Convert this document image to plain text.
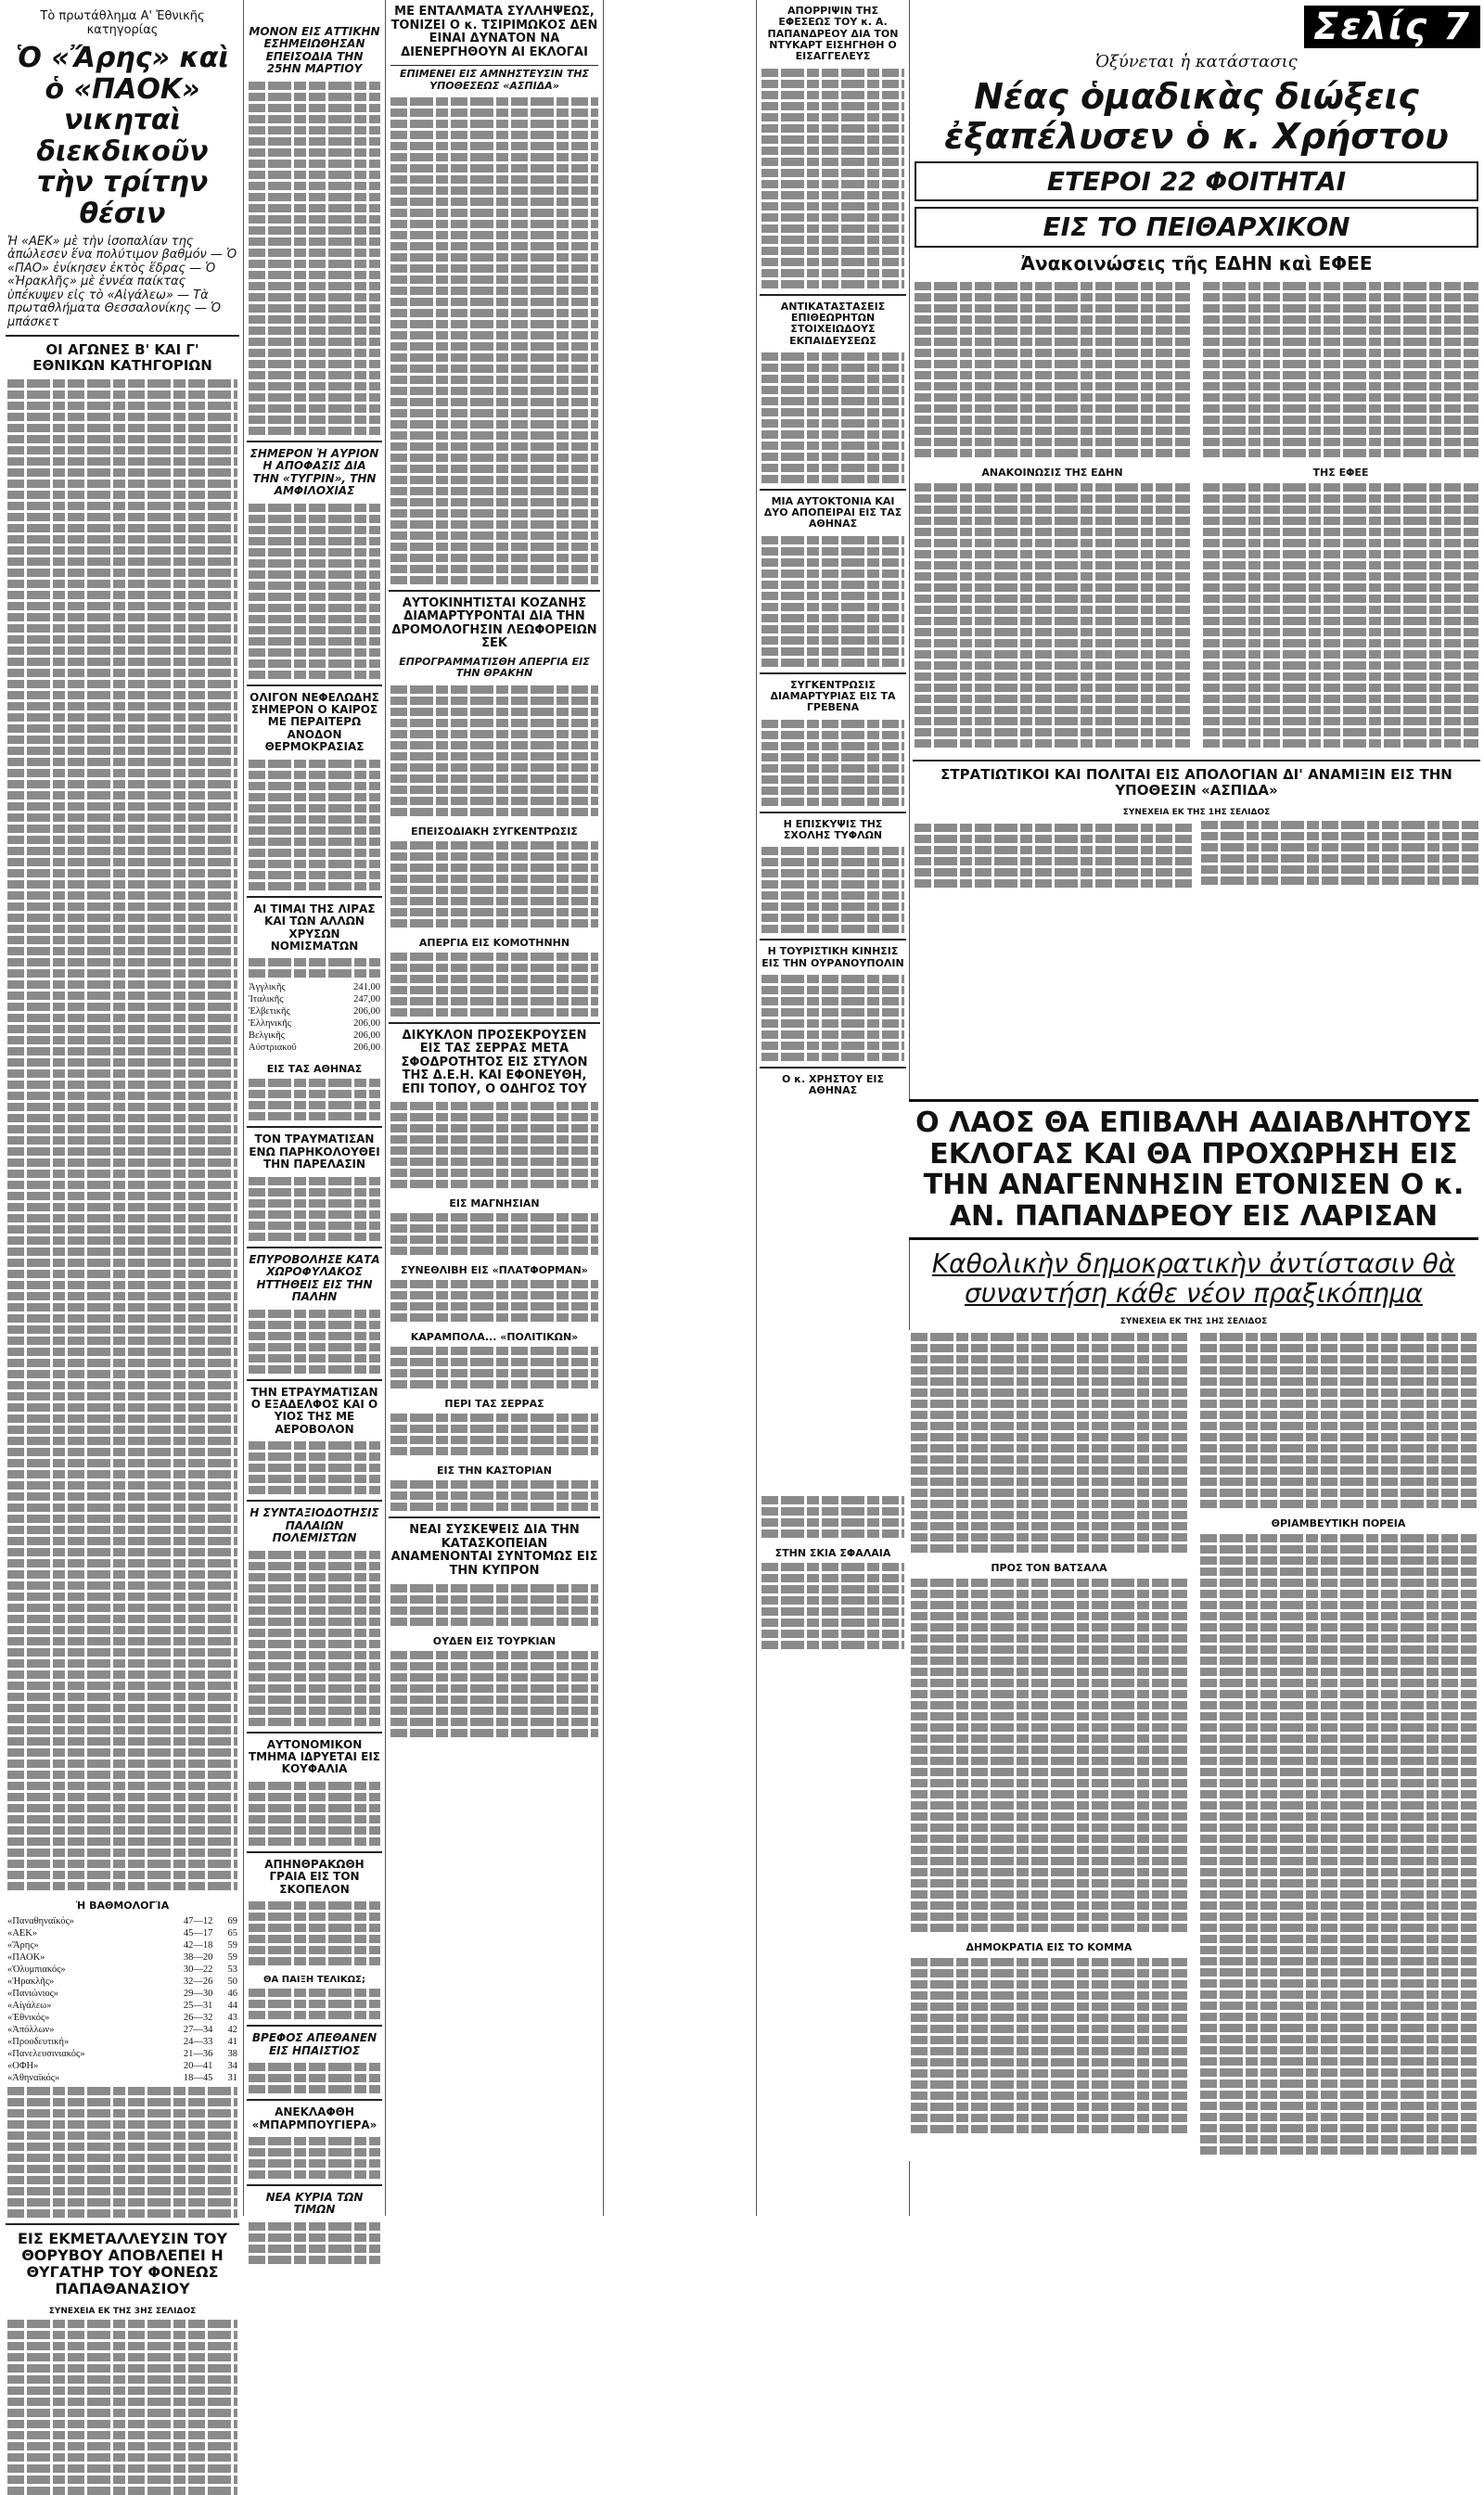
Τὸ πρωτάθλημα Α' Ἐθνικῆς κατηγορίας
Ὁ «Ἄρης» καὶ ὁ «ΠΑΟΚ» νικηταὶ διεκδικοῦν τὴν τρίτην θέσιν
Ἡ «ΑΕΚ» μὲ τὴν ἰσοπαλίαν της ἀπώλεσεν ἕνα πολύτιμον βαθμόν — Ὁ «ΠΑΟ» ἐνίκησεν ἐκτὸς ἕδρας — Ὁ «Ἡρακλῆς» μὲ ἐννέα παίκτας ὑπέκυψεν εἰς τὸ «Αἰγάλεω» — Τὰ πρωταθλήματα Θεσσαλονίκης — Ὁ μπάσκετ
ΟΙ ΑΓΩΝΕΣ Β' ΚΑΙ Γ' ΕΘΝΙΚΩΝ ΚΑΤΗΓΟΡΙΩΝ
Ἡ ΒΑΘΜΟΛΟΓΊΑ
«Παναθηναϊκός»	47—12	69
«ΑΕΚ»	45—17	65
«Ἄρης»	42—18	59
«ΠΑΟΚ»	38—20	59
«Ὀλυμπιακός»	30—22	53
«Ἡρακλῆς»	32—26	50
«Πανιώνιος»	29—30	46
«Αἰγάλεω»	25—31	44
«Ἐθνικός»	26—32	43
«Ἀπόλλων»	27—34	42
«Προοδευτική»	24—33	41
«Πανελευσινιακός»	21—36	38
«ΟΦΗ»	20—41	34
«Ἀθηναϊκός»	18—45	31
ΕΙΣ ΕΚΜΕΤΑΛΛΕΥΣΙΝ ΤΟΥ ΘΟΡΥΒΟΥ ΑΠΟΒΛΕΠΕΙ Η ΘΥΓΑΤΗΡ ΤΟΥ ΦΟΝΕΩΣ ΠΑΠΑΘΑΝΑΣΙΟΥ
ΣΥΝΕΧΕΙΑ ΕΚ ΤΗΣ 3ΗΣ ΣΕΛΙΔΟΣ
ΜΟΝΟΝ ΕΙΣ ΑΤΤΙΚΗΝ ΕΣΗΜΕΙΩΘΗΣΑΝ ΕΠΕΙΣΟΔΙΑ ΤΗΝ 25ΗΝ ΜΑΡΤΙΟΥ
ΣΗΜΕΡΟΝ Ἡ ΑΥΡΙΟΝ Η ΑΠΟΦΑΣΙΣ ΔΙΑ ΤΗΝ «ΤΥΓΡΙΝ», ΤΗΝ ΑΜΦΙΛΟΧΙΑΣ
ΟΛΙΓΟΝ ΝΕΦΕΛΩΔΗΣ ΣΗΜΕΡΟΝ Ο ΚΑΙΡΟΣ ΜΕ ΠΕΡΑΙΤΕΡΩ ΑΝΟΔΟΝ ΘΕΡΜΟΚΡΑΣΙΑΣ
ΑΙ ΤΙΜΑΙ ΤΗΣ ΛΙΡΑΣ ΚΑΙ ΤΩΝ ΑΛΛΩΝ ΧΡΥΣΩΝ ΝΟΜΙΣΜΑΤΩΝ
Ἀγγλικῆς	241,00
Ἰταλικῆς	247,00
Ἐλβετικῆς	206,00
Ἑλληνικῆς	206,00
Βελγικῆς	206,00
Αὐστριακοῦ	206,00
ΕΙΣ ΤΑΣ ΑΘΗΝΑΣ
ΤΟΝ ΤΡΑΥΜΑΤΙΣΑΝ ΕΝΩ ΠΑΡΗΚΟΛΟΥΘΕΙ ΤΗΝ ΠΑΡΕΛΑΣΙΝ
ΕΠΥΡΟΒΟΛΗΣΕ ΚΑΤΑ ΧΩΡΟΦΥΛΑΚΟΣ ΗΤΤΗΘΕΙΣ ΕΙΣ ΤΗΝ ΠΑΛΗΝ
ΤΗΝ ΕΤΡΑΥΜΑΤΙΣΑΝ Ο ΕΞΑΔΕΛΦΟΣ ΚΑΙ Ο ΥΙΟΣ ΤΗΣ ΜΕ ΑΕΡΟΒΟΛΟΝ
Η ΣΥΝΤΑΞΙΟΔΟΤΗΣΙΣ ΠΑΛΑΙΩΝ ΠΟΛΕΜΙΣΤΩΝ
ΑΥΤΟΝΟΜΙΚΟΝ ΤΜΗΜΑ ΙΔΡΥΕΤΑΙ ΕΙΣ ΚΟΥΦΑΛΙΑ
ΑΠΗΝΘΡΑΚΩΘΗ ΓΡΑΙΑ ΕΙΣ ΤΟΝ ΣΚΟΠΕΛΟΝ
ΘΑ ΠΑΙΞΗ ΤΕΛΙΚΩΣ;
ΒΡΕΦΟΣ ΑΠΕΘΑΝΕΝ ΕΙΣ ΗΠΑΙΣΤΙΟΣ
ΑΝΕΚΛΑΦΘΗ «ΜΠΑΡΜΠΟΥΓΙΕΡΑ»
ΝΕΑ ΚΥΡΙΑ ΤΩΝ ΤΙΜΩΝ
ΜΕ ΕΝΤΑΛΜΑΤΑ ΣΥΛΛΗΨΕΩΣ, ΤΟΝΙΖΕΙ Ο κ. ΤΣΙΡΙΜΩΚΟΣ ΔΕΝ ΕΙΝΑΙ ΔΥΝΑΤΟΝ ΝΑ ΔΙΕΝΕΡΓΗΘΟΥΝ ΑΙ ΕΚΛΟΓΑΙ
ΕΠΙΜΕΝΕΙ ΕΙΣ ΑΜΝΗΣΤΕΥΣΙΝ ΤΗΣ ΥΠΟΘΕΣΕΩΣ «ΑΣΠΙΔΑ»
ΑΥΤΟΚΙΝΗΤΙΣΤΑΙ ΚΟΖΑΝΗΣ ΔΙΑΜΑΡΤΥΡΟΝΤΑΙ ΔΙΑ ΤΗΝ ΔΡΟΜΟΛΟΓΗΣΙΝ ΛΕΩΦΟΡΕΙΩΝ ΣΕΚ
ΕΠΡΟΓΡΑΜΜΑΤΙΣΘΗ ΑΠΕΡΓΙΑ ΕΙΣ ΤΗΝ ΘΡΑΚΗΝ
ΕΠΕΙΣΟΔΙΑΚΗ ΣΥΓΚΕΝΤΡΩΣΙΣ
ΑΠΕΡΓΙΑ ΕΙΣ ΚΟΜΟΤΗΝΗΝ
ΔΙΚΥΚΛΟΝ ΠΡΟΣΕΚΡΟΥΣΕΝ ΕΙΣ ΤΑΣ ΣΕΡΡΑΣ ΜΕΤΑ ΣΦΟΔΡΟΤΗΤΟΣ ΕΙΣ ΣΤΥΛΟΝ ΤΗΣ Δ.Ε.Η. ΚΑΙ ΕΦΟΝΕΥΘΗ, ΕΠΙ ΤΟΠΟΥ, Ο ΟΔΗΓΟΣ ΤΟΥ
ΕΙΣ ΜΑΓΝΗΣΙΑΝ
ΣΥΝΕΘΛΙΒΗ ΕΙΣ «ΠΛΑΤΦΟΡΜΑΝ»
ΚΑΡΑΜΠΟΛΑ... «ΠΟΛΙΤΙΚΩΝ»
ΠΕΡΙ ΤΑΣ ΣΕΡΡΑΣ
ΕΙΣ ΤΗΝ ΚΑΣΤΟΡΙΑΝ
ΝΕΑΙ ΣΥΣΚΕΨΕΙΣ ΔΙΑ ΤΗΝ ΚΑΤΑΣΚΟΠΕΙΑΝ ΑΝΑΜΕΝΟΝΤΑΙ ΣΥΝΤΟΜΩΣ ΕΙΣ ΤΗΝ ΚΥΠΡΟΝ
ΟΥΔΕΝ ΕΙΣ ΤΟΥΡΚΙΑΝ
ΑΠΟΡΡΙΨΙΝ ΤΗΣ ΕΦΕΣΕΩΣ ΤΟΥ κ. Α. ΠΑΠΑΝΔΡΕΟΥ ΔΙΑ ΤΟΝ ΝΤΥΚΑΡΤ ΕΙΣΗΓΗΘΗ Ο ΕΙΣΑΓΓΕΛΕΥΣ
ΑΝΤΙΚΑΤΑΣΤΑΣΕΙΣ ΕΠΙΘΕΩΡΗΤΩΝ ΣΤΟΙΧΕΙΩΔΟΥΣ ΕΚΠΑΙΔΕΥΣΕΩΣ
ΜΙΑ ΑΥΤΟΚΤΟΝΙΑ ΚΑΙ ΔΥΟ ΑΠΟΠΕΙΡΑΙ ΕΙΣ ΤΑΣ ΑΘΗΝΑΣ
ΣΥΓΚΕΝΤΡΩΣΙΣ ΔΙΑΜΑΡΤΥΡΙΑΣ ΕΙΣ ΤΑ ΓΡΕΒΕΝΑ
Η ΕΠΙΣΚΥΨΙΣ ΤΗΣ ΣΧΟΛΗΣ ΤΥΦΛΩΝ
Η ΤΟΥΡΙΣΤΙΚΗ ΚΙΝΗΣΙΣ ΕΙΣ ΤΗΝ ΟΥΡΑΝΟΥΠΟΛΙΝ
Ο κ. ΧΡΗΣΤΟΥ ΕΙΣ ΑΘΗΝΑΣ
ΣΤΗΝ ΣΚΙΑ ΣΦΑΛΑΙΑ
Σελίς 7
Ὀξύνεται ἡ κατάστασις
Νέας ὁμαδικὰς διώξεις ἐξαπέλυσεν ὁ κ. Χρήστου
ΕΤΕΡΟΙ 22 ΦΟΙΤΗΤΑΙ
ΕΙΣ ΤΟ ΠΕΙΘΑΡΧΙΚΟΝ
Ἀνακοινώσεις τῆς ΕΔΗΝ καὶ ΕΦΕΕ
ΑΝΑΚΟΙΝΩΣΙΣ ΤΗΣ ΕΔΗΝ	ΤΗΣ ΕΦΕΕ
ΣΤΡΑΤΙΩΤΙΚΟΙ ΚΑΙ ΠΟΛΙΤΑΙ ΕΙΣ ΑΠΟΛΟΓΙΑΝ ΔΙ' ΑΝΑΜΙΞΙΝ ΕΙΣ ΤΗΝ ΥΠΟΘΕΣΙΝ «ΑΣΠΙΔΑ»
ΣΥΝΕΧΕΙΑ ΕΚ ΤΗΣ 1ΗΣ ΣΕΛΙΔΟΣ
Ο ΛΑΟΣ ΘΑ ΕΠΙΒΑΛΗ ΑΔΙΑΒΛΗΤΟΥΣ ΕΚΛΟΓΑΣ ΚΑΙ ΘΑ ΠΡΟΧΩΡΗΣΗ ΕΙΣ ΤΗΝ ΑΝΑΓΕΝΝΗΣΙΝ ΕΤΟΝΙΣΕΝ Ο κ. ΑΝ. ΠΑΠΑΝΔΡΕΟΥ ΕΙΣ ΛΑΡΙΣΑΝ
Καθολικὴν δημοκρατικὴν ἀντίστασιν θὰ συναντήση κάθε νέον πραξικόπημα
ΣΥΝΕΧΕΙΑ ΕΚ ΤΗΣ 1ΗΣ ΣΕΛΙΔΟΣ
ΠΡΟΣ ΤΟΝ ΒΑΤΣΑΛΑ
ΔΗΜΟΚΡΑΤΙΑ ΕΙΣ ΤΟ ΚΟΜΜΑ
ΘΡΙΑΜΒΕΥΤΙΚΗ ΠΟΡΕΙΑ
